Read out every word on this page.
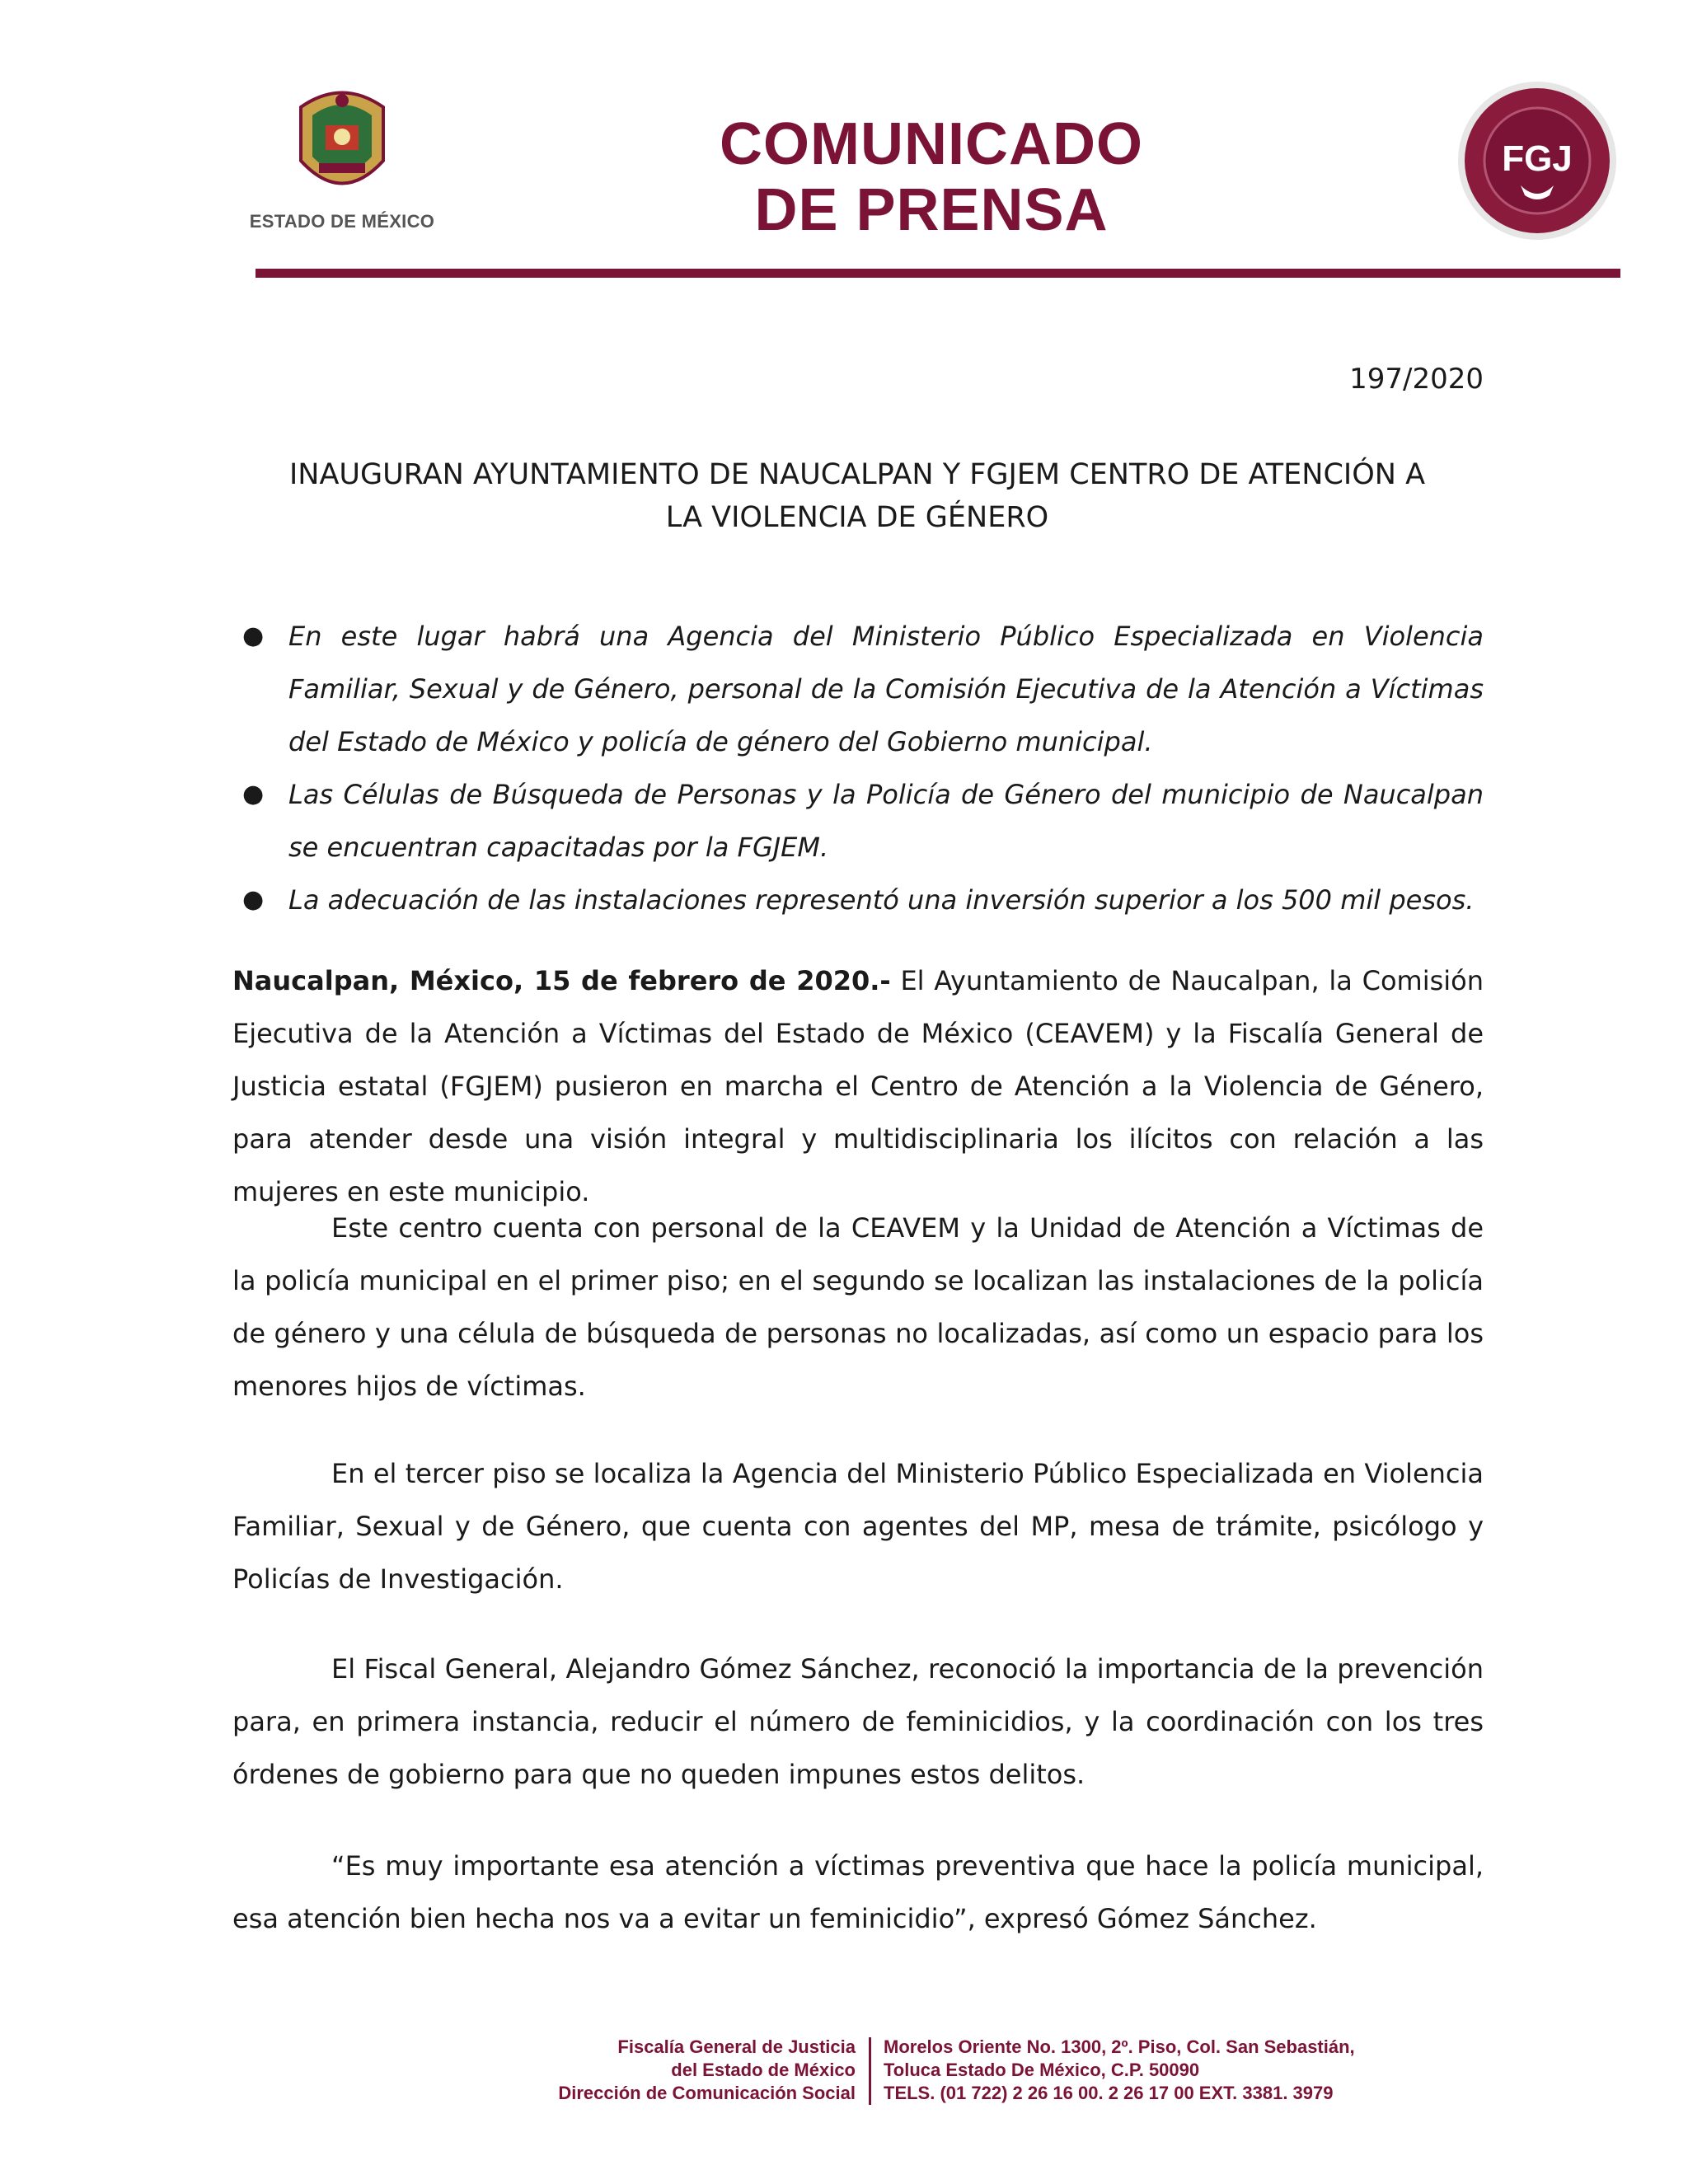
ESTADO DE MÉXICO
COMUNICADO
DE PRENSA
FGJ
197/2020
INAUGURAN AYUNTAMIENTO DE NAUCALPAN Y FGJEM CENTRO DE ATENCIÓN A
LA VIOLENCIA DE GÉNERO
● En este lugar habrá una Agencia del Ministerio Público Especializada en Violencia Familiar, Sexual y de Género, personal de la Comisión Ejecutiva de la Atención a Víctimas del Estado de México y policía de género del Gobierno municipal.
● Las Células de Búsqueda de Personas y la Policía de Género del municipio de Naucalpan se encuentran capacitadas por la FGJEM.
● La adecuación de las instalaciones representó una inversión superior a los 500 mil pesos.

Naucalpan, México, 15 de febrero de 2020.- El Ayuntamiento de Naucalpan, la Comisión Ejecutiva de la Atención a Víctimas del Estado de México (CEAVEM) y la Fiscalía General de Justicia estatal (FGJEM) pusieron en marcha el Centro de Atención a la Violencia de Género, para atender desde una visión integral y multidisciplinaria los ilícitos con relación a las mujeres en este municipio.

Este centro cuenta con personal de la CEAVEM y la Unidad de Atención a Víctimas de la policía municipal en el primer piso; en el segundo se localizan las instalaciones de la policía de género y una célula de búsqueda de personas no localizadas, así como un espacio para los menores hijos de víctimas.

En el tercer piso se localiza la Agencia del Ministerio Público Especializada en Violencia Familiar, Sexual y de Género, que cuenta con agentes del MP, mesa de trámite, psicólogo y Policías de Investigación.

El Fiscal General, Alejandro Gómez Sánchez, reconoció la importancia de la prevención para, en primera instancia, reducir el número de feminicidios, y la coordinación con los tres órdenes de gobierno para que no queden impunes estos delitos.

“Es muy importante esa atención a víctimas preventiva que hace la policía municipal, esa atención bien hecha nos va a evitar un feminicidio”, expresó Gómez Sánchez.

Fiscalía General de Justicia
del Estado de México
Dirección de Comunicación Social
Morelos Oriente No. 1300, 2º. Piso, Col. San Sebastián,
Toluca Estado De México, C.P. 50090
TELS. (01 722) 2 26 16 00. 2 26 17 00 EXT. 3381. 3979
